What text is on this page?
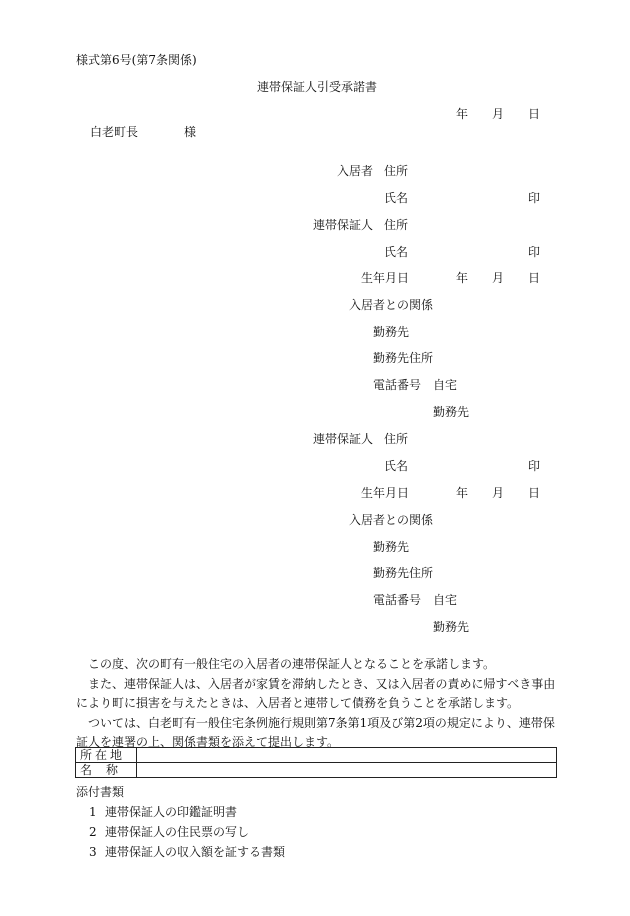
様式第6号(第7条関係)
連帯保証人引受承諾書
年 月 日
白老町長	様
入居者 住所
氏名	印
連帯保証人 住所
氏名	印
生年月日	年 月 日
入居者との関係
勤務先
勤務先住所
電話番号 自宅
勤務先
連帯保証人 住所
氏名	印
生年月日	年 月 日
入居者との関係
勤務先
勤務先住所
電話番号 自宅
勤務先

この度、次の町有一般住宅の入居者の連帯保証人となることを承諾します。

また、連帯保証人は、入居者が家賃を滞納したとき、又は入居者の責めに帰すべき事由により町に損害を与えたときは、入居者と連帯して債務を負うことを承諾します。

ついては、白老町有一般住宅条例施行規則第7条第1項及び第2項の規定により、連帯保証人を連署の上、関係書類を添えて提出します。

所在地	
名称	
添付書類
1 連帯保証人の印鑑証明書
2 連帯保証人の住民票の写し
3 連帯保証人の収入額を証する書類
